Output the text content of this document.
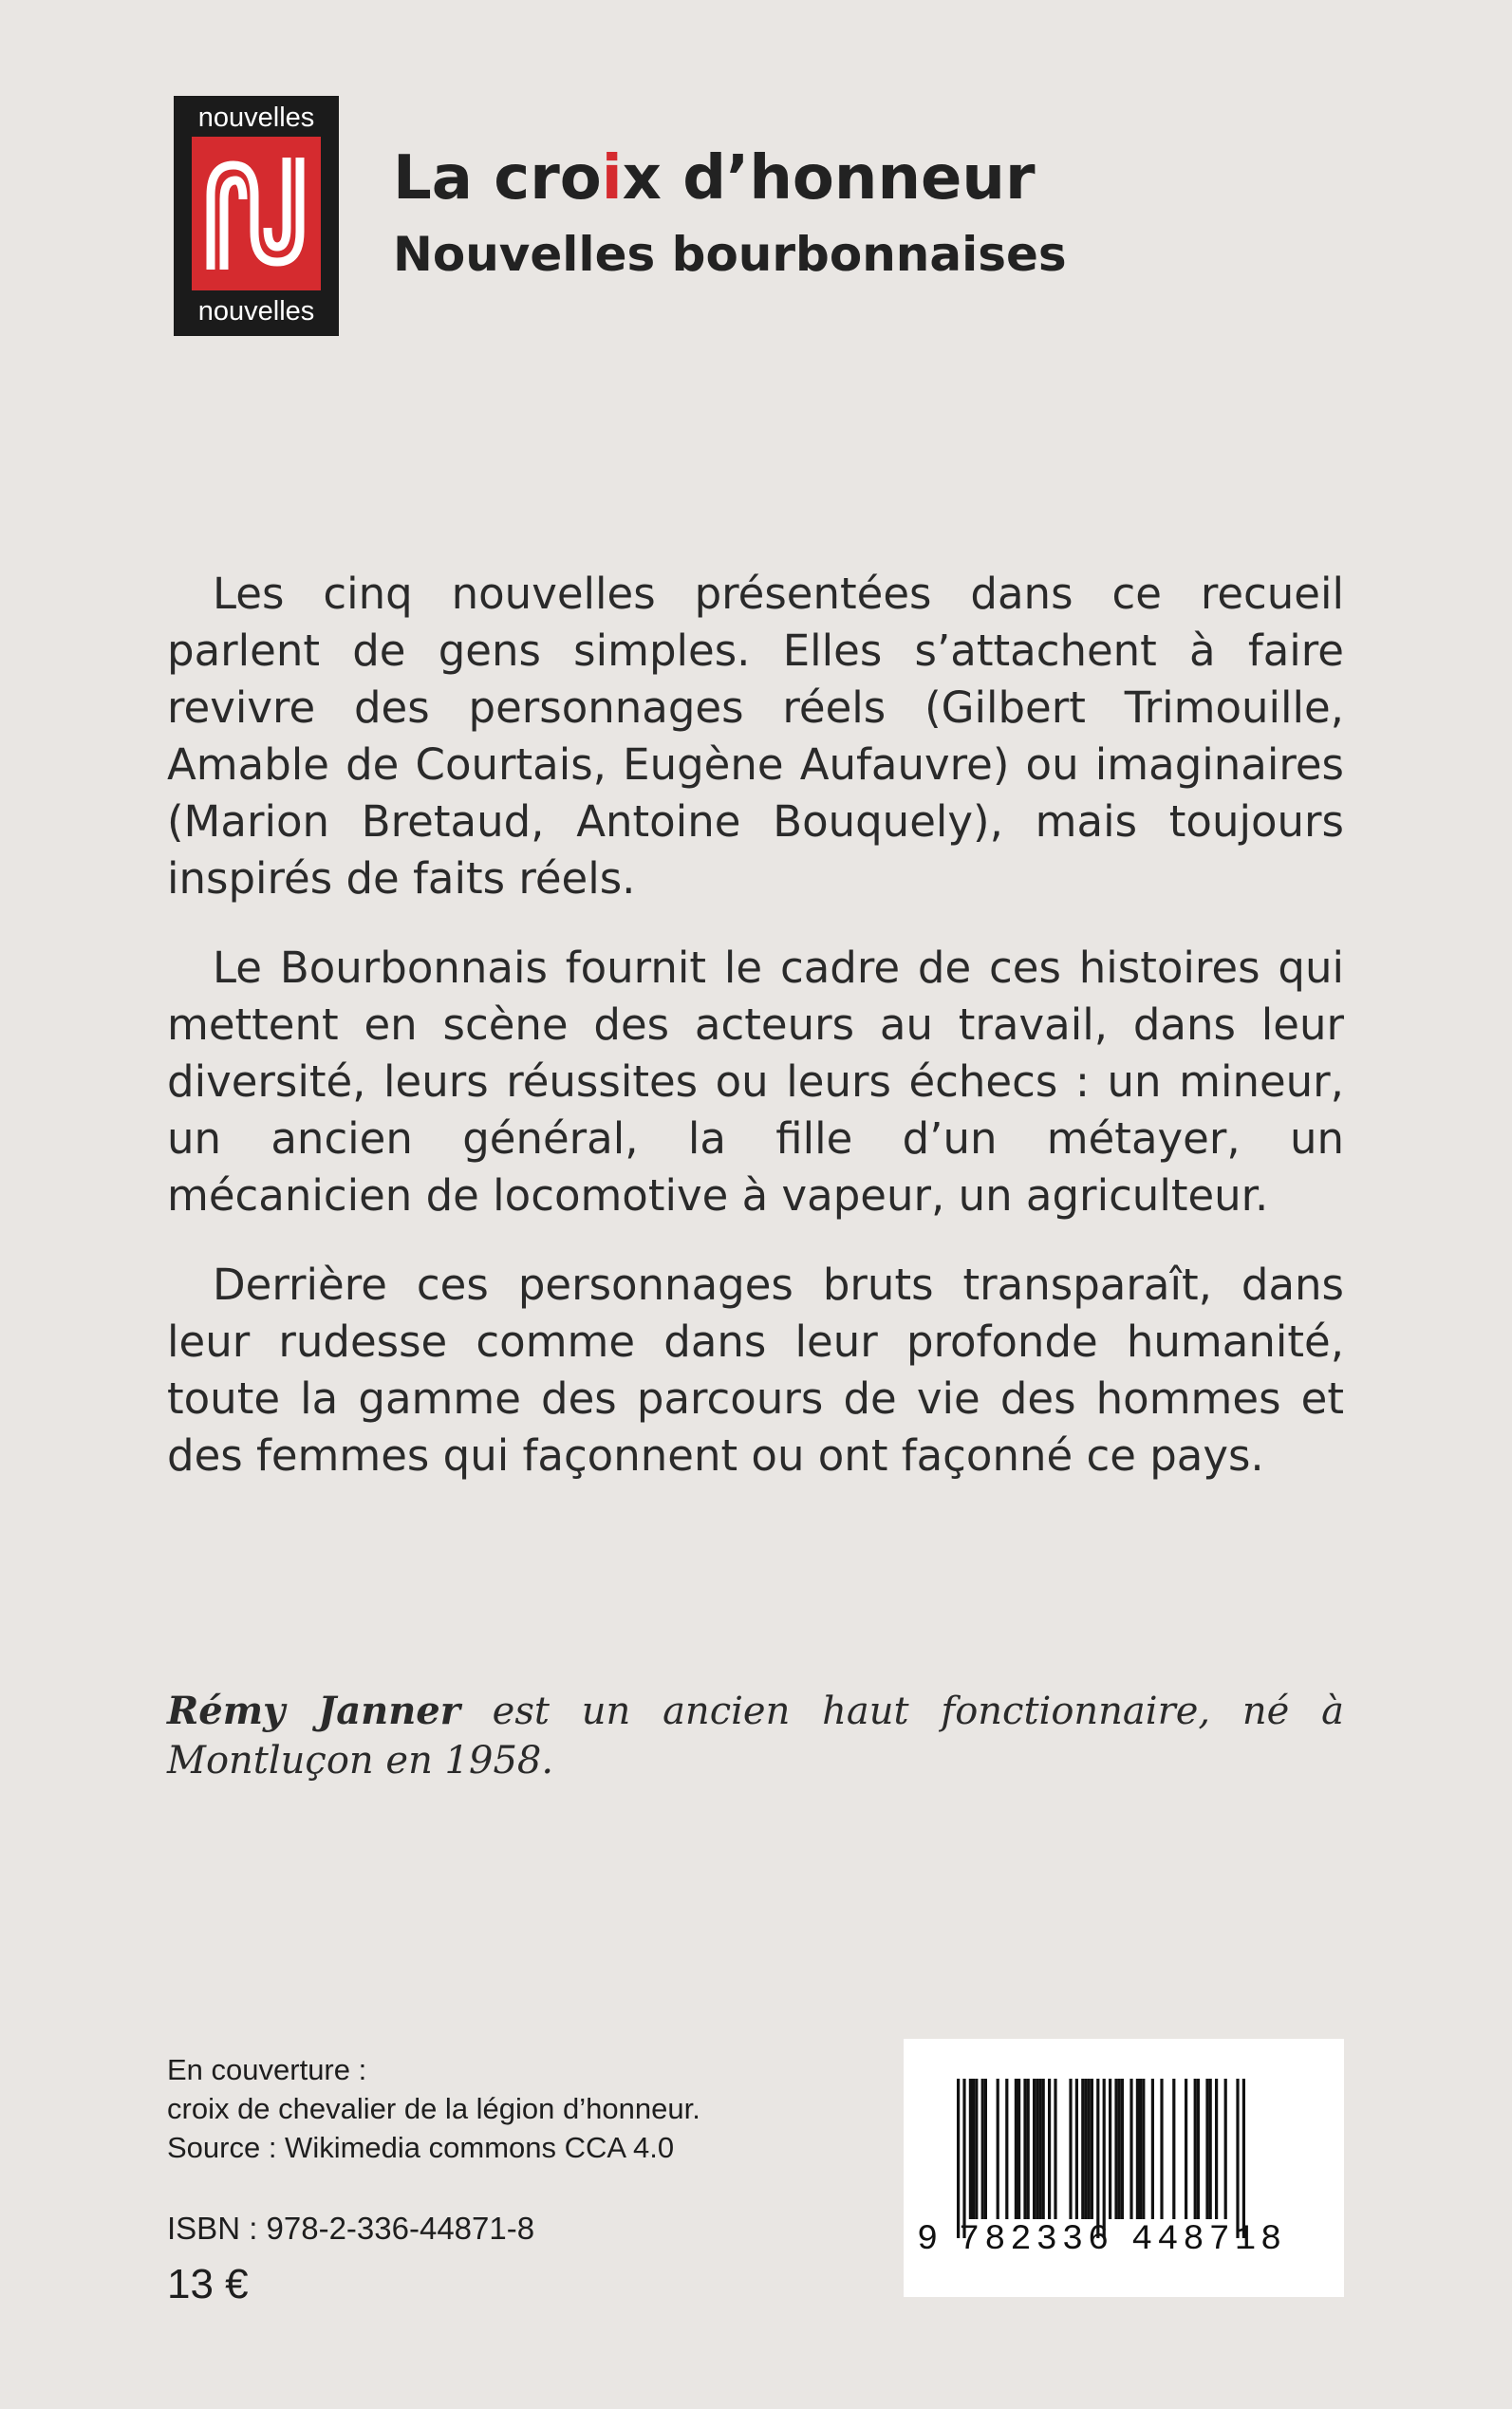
nouvelles
nouvelles
La croix d’honneur
Nouvelles bourbonnaises

Les cinq nouvelles présentées dans ce recueil parlent de gens simples. Elles s’attachent à faire revivre des personnages réels (Gilbert Trimouille, Amable de Courtais, Eugène Aufauvre) ou imaginaires (Marion Bretaud, Antoine Bouquely), mais toujours inspirés de faits réels.

Le Bourbonnais fournit le cadre de ces histoires qui mettent en scène des acteurs au travail, dans leur diversité, leurs réussites ou leurs échecs : un mineur, un ancien général, la fille d’un métayer, un mécanicien de locomotive à vapeur, un agriculteur.

Derrière ces personnages bruts transparaît, dans leur rudesse comme dans leur profonde humanité, toute la gamme des parcours de vie des hommes et des femmes qui façonnent ou ont façonné ce pays.

Rémy Janner est un ancien haut fonctionnaire, né à Montluçon en 1958.

En couverture :
croix de chevalier de la légion d’honneur.
Source : Wikimedia commons CCA 4.0
ISBN : 978-2-336-44871-8
13 €
9 782336 448718
